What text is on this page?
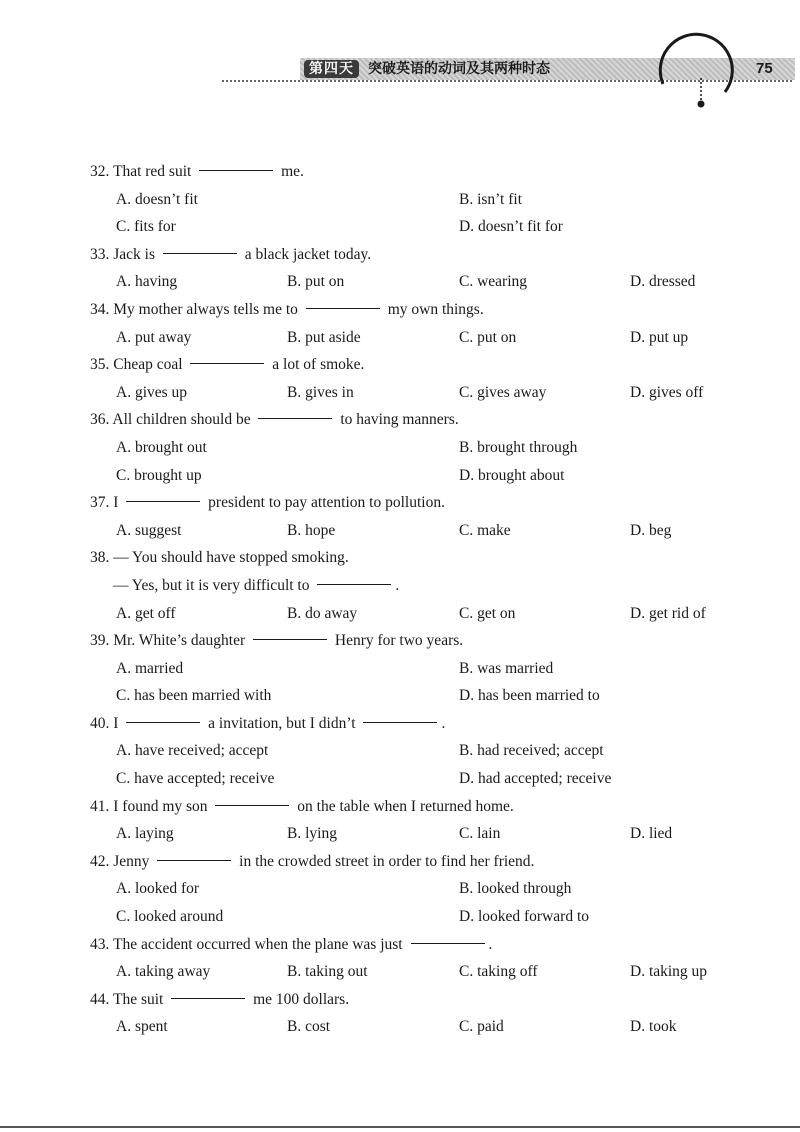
第四天	突破英语的动词及其两种时态	75
32. That red suit	me.
A. doesn’t fit	B. isn’t fit
C. fits for	D. doesn’t fit for
33. Jack is	a black jacket today.
A. having	B. put on	C. wearing	D. dressed
34. My mother always tells me to	my own things.
A. put away	B. put aside	C. put on	D. put up
35. Cheap coal	a lot of smoke.
A. gives up	B. gives in	C. gives away	D. gives off
36. All children should be	to having manners.
A. brought out	B. brought through
C. brought up	D. brought about
37. I	president to pay attention to pollution.
A. suggest	B. hope	C. make	D. beg
38. — You should have stopped smoking.
— Yes, but it is very difficult to	.
A. get off	B. do away	C. get on	D. get rid of
39. Mr. White’s daughter	Henry for two years.
A. married	B. was married
C. has been married with	D. has been married to
40. I	a invitation, but I didn’t	.
A. have received; accept	B. had received; accept
C. have accepted; receive	D. had accepted; receive
41. I found my son	on the table when I returned home.
A. laying	B. lying	C. lain	D. lied
42. Jenny	in the crowded street in order to find her friend.
A. looked for	B. looked through
C. looked around	D. looked forward to
43. The accident occurred when the plane was just	.
A. taking away	B. taking out	C. taking off	D. taking up
44. The suit	me 100 dollars.
A. spent	B. cost	C. paid	D. took
